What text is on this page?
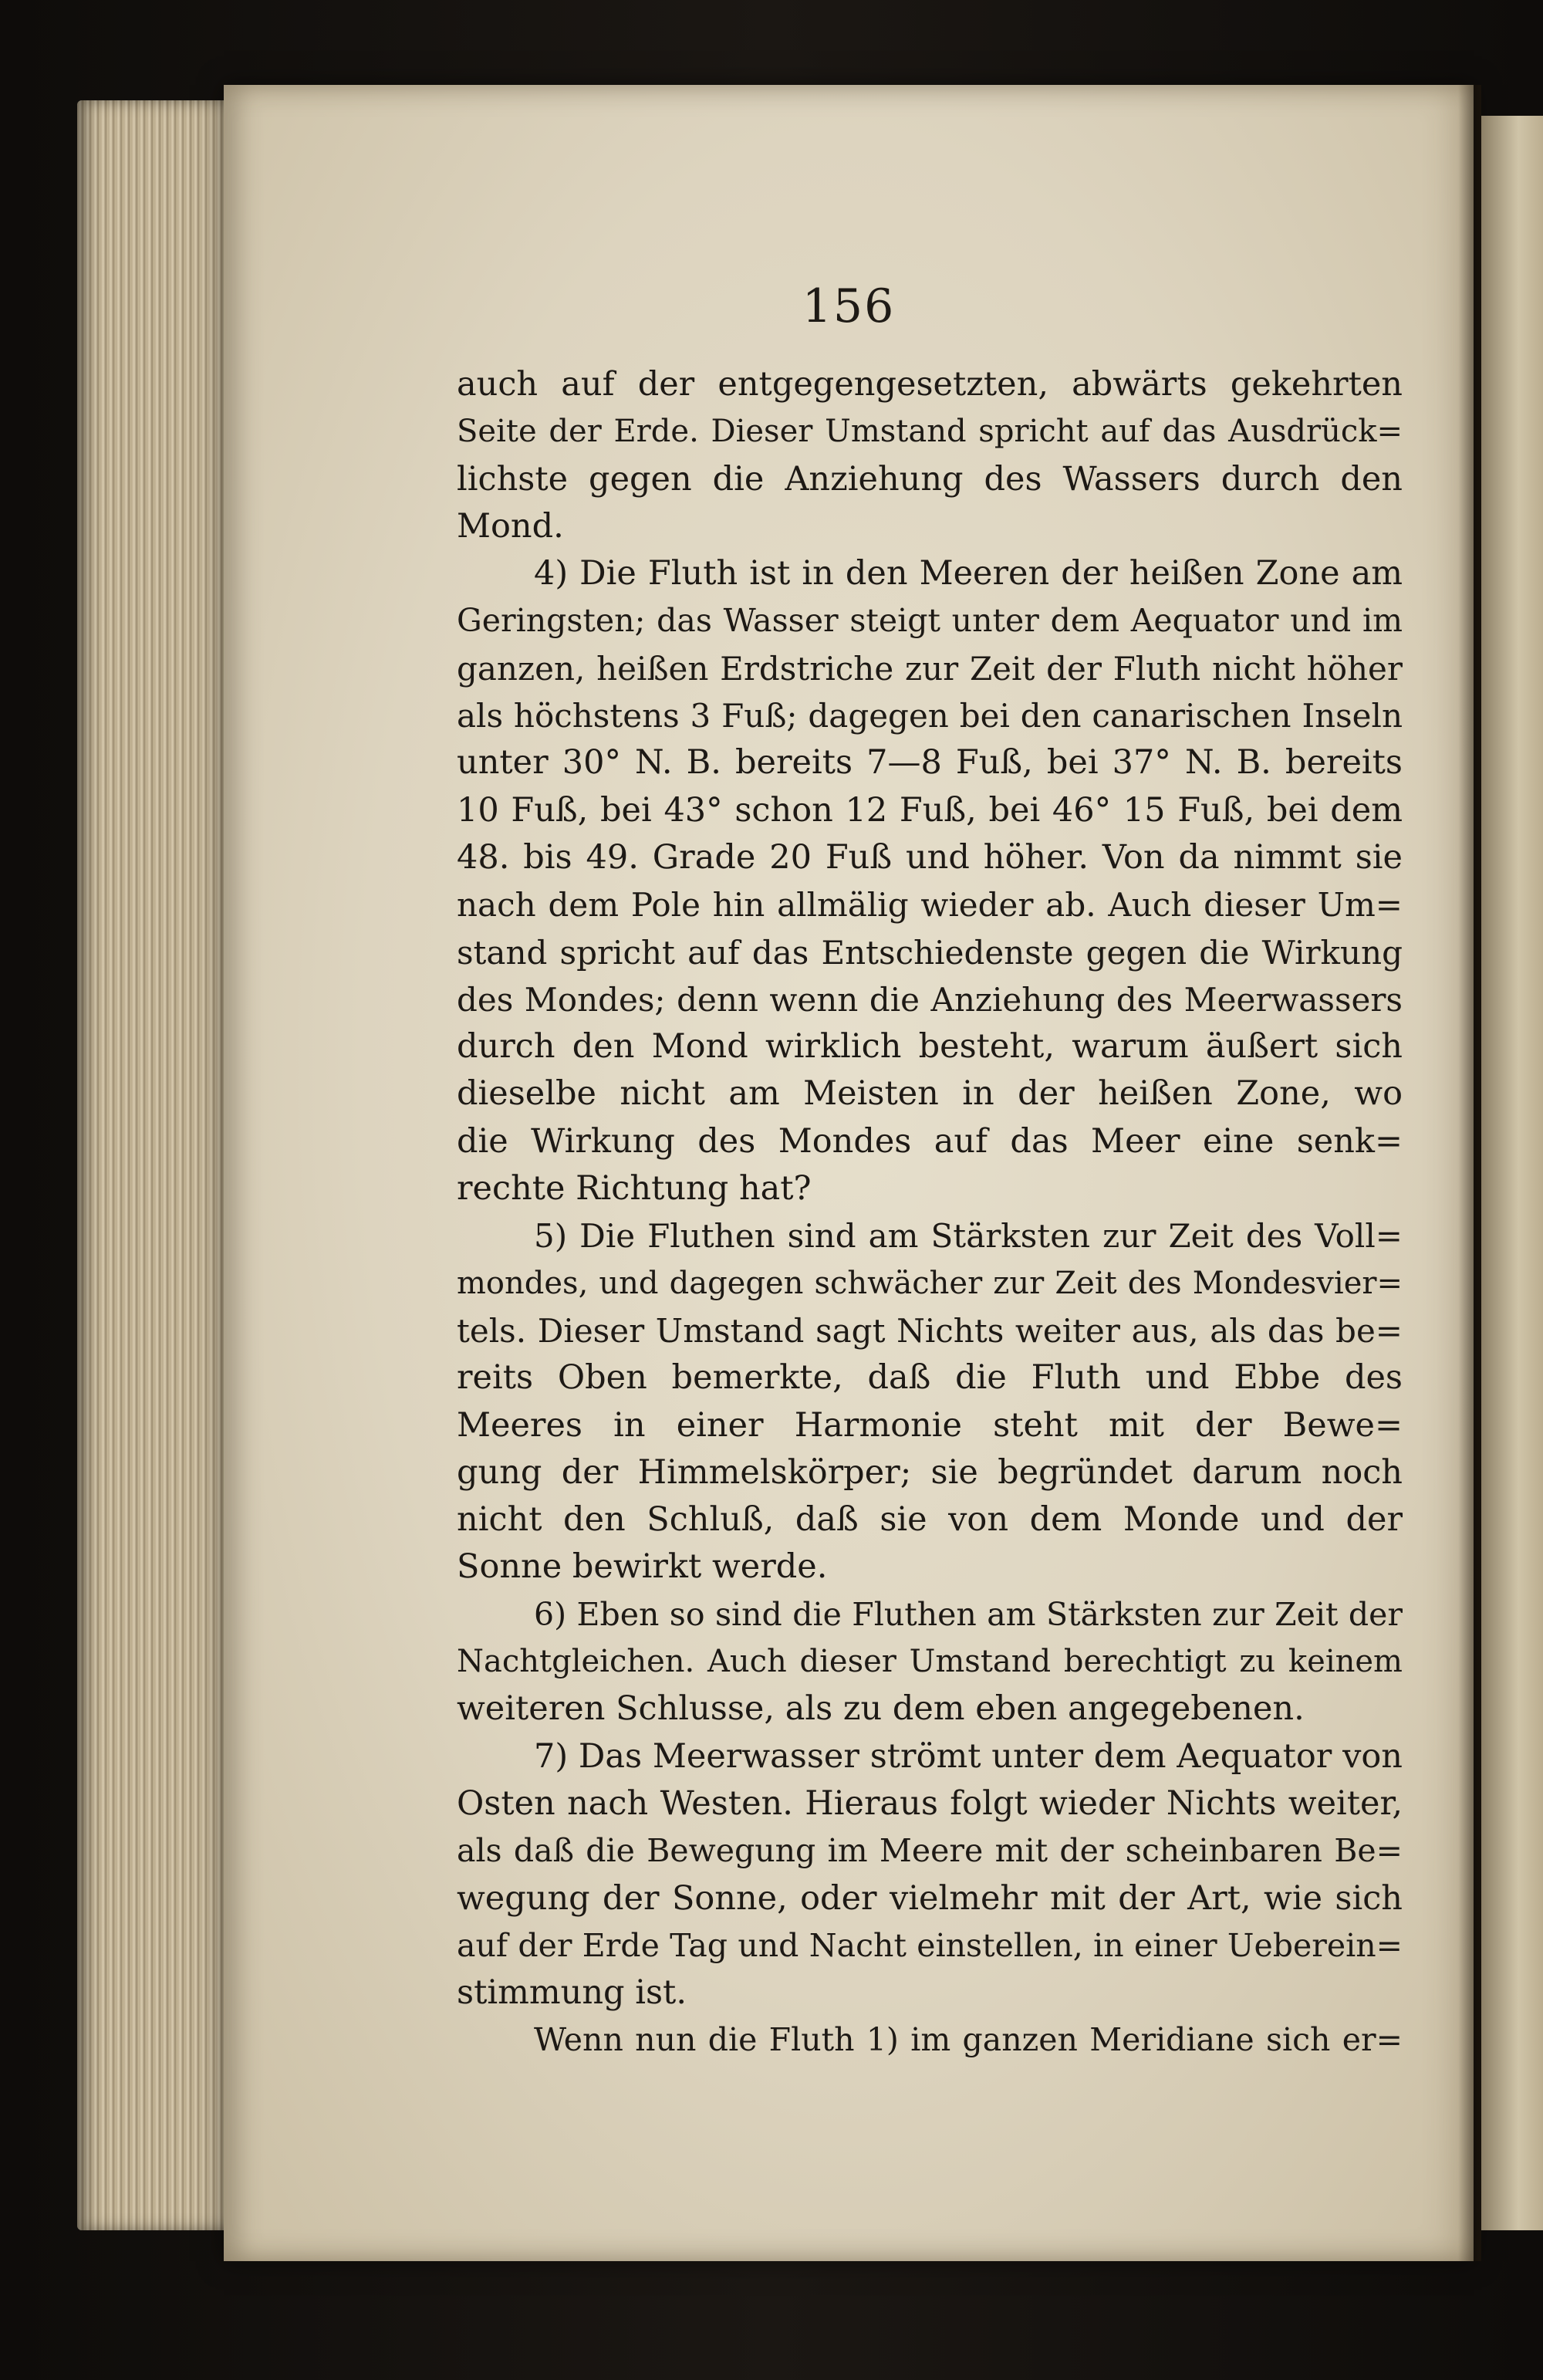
156
auch auf der entgegengesetzten, abwärts gekehrten
Seite der Erde. Dieser Umstand spricht auf das Ausdrück=
lichste gegen die Anziehung des Wassers durch den
Mond.
4) Die Fluth ist in den Meeren der heißen Zone am
Geringsten; das Wasser steigt unter dem Aequator und im
ganzen, heißen Erdstriche zur Zeit der Fluth nicht höher
als höchstens 3 Fuß; dagegen bei den canarischen Inseln
unter 30° N. B. bereits 7—8 Fuß, bei 37° N. B. bereits
10 Fuß, bei 43° schon 12 Fuß, bei 46° 15 Fuß, bei dem
48. bis 49. Grade 20 Fuß und höher. Von da nimmt sie
nach dem Pole hin allmälig wieder ab. Auch dieser Um=
stand spricht auf das Entschiedenste gegen die Wirkung
des Mondes; denn wenn die Anziehung des Meerwassers
durch den Mond wirklich besteht, warum äußert sich
dieselbe nicht am Meisten in der heißen Zone, wo
die Wirkung des Mondes auf das Meer eine senk=
rechte Richtung hat?
5) Die Fluthen sind am Stärksten zur Zeit des Voll=
mondes, und dagegen schwächer zur Zeit des Mondesvier=
tels. Dieser Umstand sagt Nichts weiter aus, als das be=
reits Oben bemerkte, daß die Fluth und Ebbe des
Meeres in einer Harmonie steht mit der Bewe=
gung der Himmelskörper; sie begründet darum noch
nicht den Schluß, daß sie von dem Monde und der
Sonne bewirkt werde.
6) Eben so sind die Fluthen am Stärksten zur Zeit der
Nachtgleichen. Auch dieser Umstand berechtigt zu keinem
weiteren Schlusse, als zu dem eben angegebenen.
7) Das Meerwasser strömt unter dem Aequator von
Osten nach Westen. Hieraus folgt wieder Nichts weiter,
als daß die Bewegung im Meere mit der scheinbaren Be=
wegung der Sonne, oder vielmehr mit der Art, wie sich
auf der Erde Tag und Nacht einstellen, in einer Ueberein=
stimmung ist.
Wenn nun die Fluth 1) im ganzen Meridiane sich er=
